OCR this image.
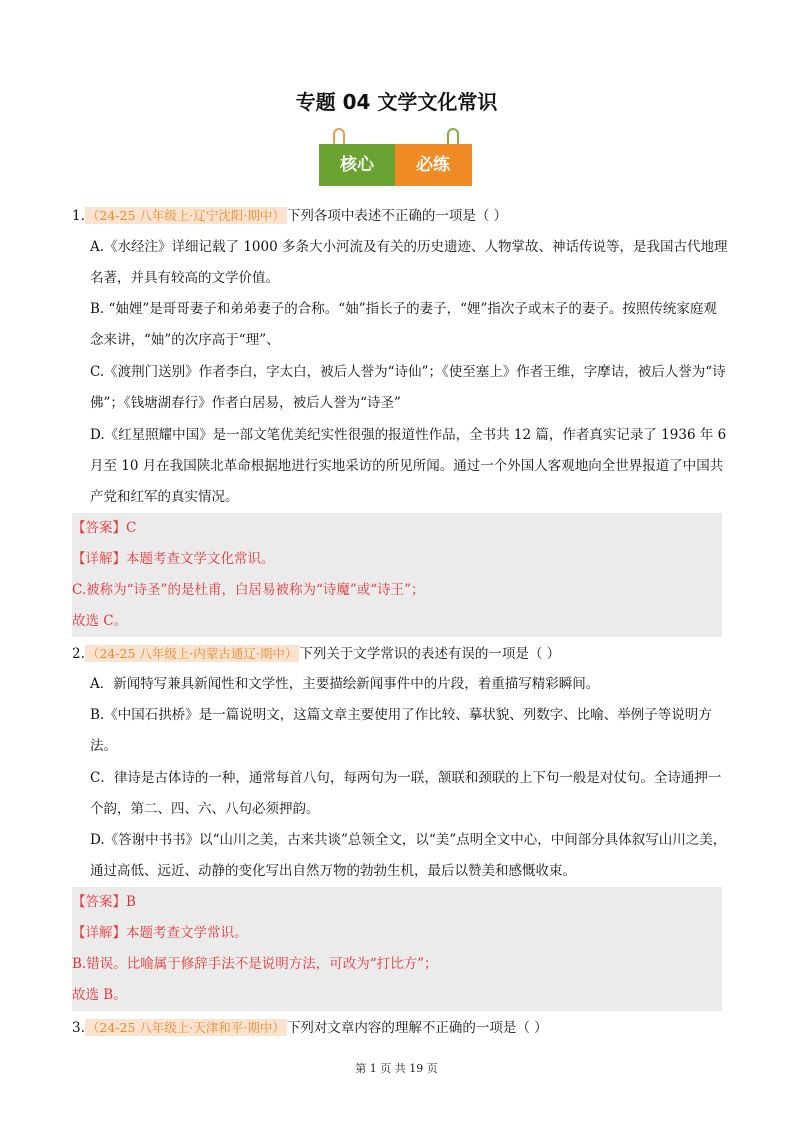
专题 04 文学文化常识
核心	必练
1. （24-25 八年级上·辽宁沈阳·期中） 下列各项中表述不正确的一项是（ ）
A.《水经注》详细记载了 1000 多条大小河流及有关的历史遗迹、人物掌故、神话传说等，是我国古代地理名著，并具有较高的文学价值。
B. “妯娌”是哥哥妻子和弟弟妻子的合称。“妯”指长子的妻子，“娌”指次子或末子的妻子。按照传统家庭观念来讲，“妯”的次序高于“理”、
C.《渡荆门送别》作者李白，字太白，被后人誉为“诗仙”；《使至塞上》作者王维，字摩诘，被后人誉为“诗佛”；《钱塘湖春行》作者白居易，被后人誉为“诗圣”
D.《红星照耀中国》是一部文笔优美纪实性很强的报道性作品，全书共 12 篇，作者真实记录了 1936 年 6 月至 10 月在我国陕北革命根据地进行实地采访的所见所闻。通过一个外国人客观地向全世界报道了中国共产党和红军的真实情况。
【答案】C
【详解】本题考查文学文化常识。
C.被称为“诗圣”的是杜甫，白居易被称为“诗魔”或“诗王”；
故选 C。
2. （24-25 八年级上·内蒙古通辽·期中） 下列关于文学常识的表述有误的一项是（ ）
A．新闻特写兼具新闻性和文学性，主要描绘新闻事件中的片段，着重描写精彩瞬间。
B.《中国石拱桥》是一篇说明文，这篇文章主要使用了作比较、摹状貌、列数字、比喻、举例子等说明方法。
C．律诗是古体诗的一种，通常每首八句，每两句为一联，颔联和颈联的上下句一般是对仗句。全诗通押一个韵，第二、四、六、八句必须押韵。
D.《答谢中书书》以“山川之美，古来共谈”总领全文，以“美”点明全文中心，中间部分具体叙写山川之美，通过高低、远近、动静的变化写出自然万物的勃勃生机，最后以赞美和感慨收束。
【答案】B
【详解】本题考查文学常识。
B.错误。比喻属于修辞手法不是说明方法，可改为“打比方”；
故选 B。
3. （24-25 八年级上·天津和平·期中） 下列对文章内容的理解不正确的一项是（ ）
第 1 页 共 19 页
